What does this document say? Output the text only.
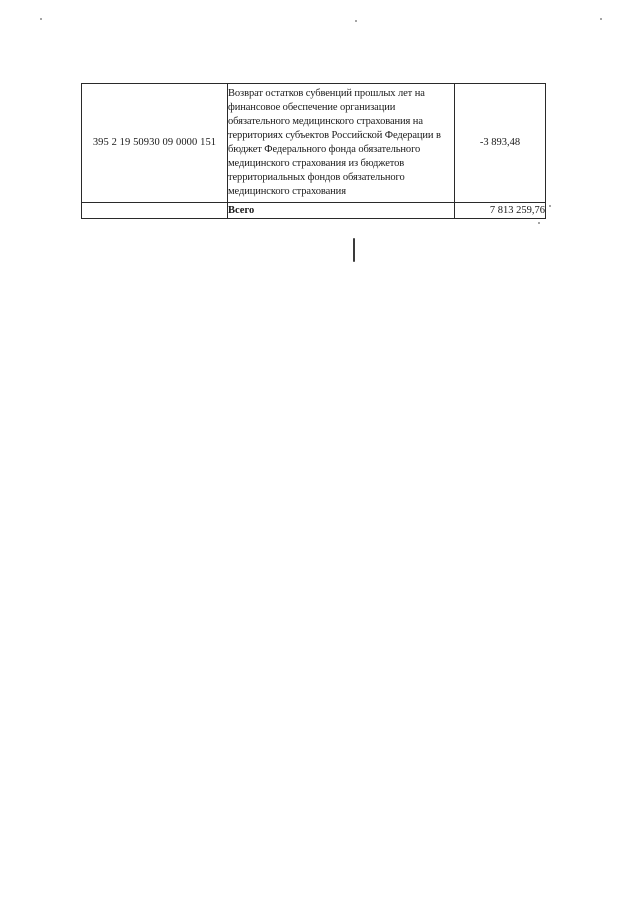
395 2 19 50930 09 0000 151	Возврат остатков субвенций прошлых лет на финансовое обеспечение организации обязательного медицинского страхования на территориях субъектов Российской Федерации в бюджет Федерального фонда обязательного медицинского страхования из бюджетов территориальных фондов обязательного медицинского страхования	-3 893,48
	Всего	7 813 259,76
